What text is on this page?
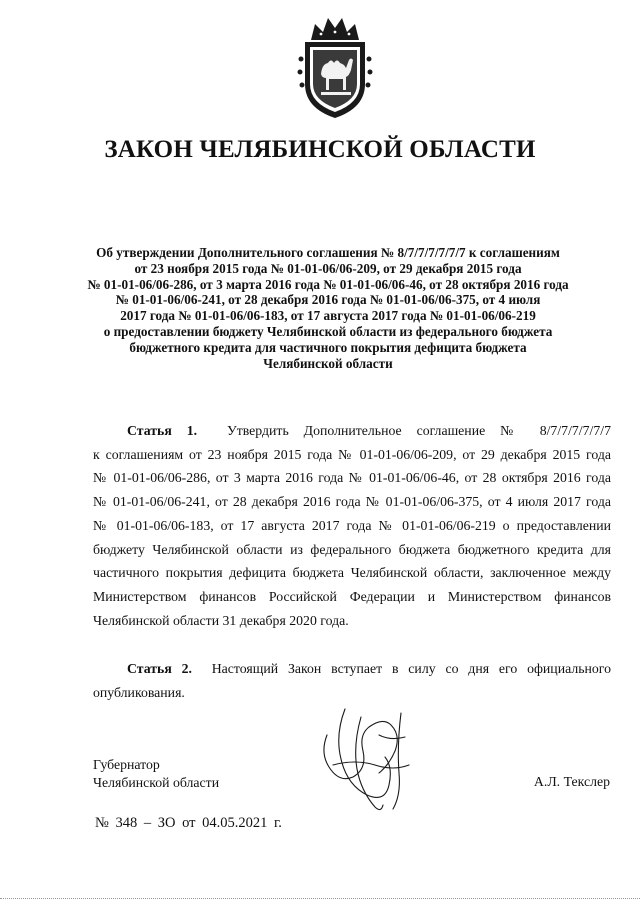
ЗАКОН ЧЕЛЯБИНСКОЙ ОБЛАСТИ
Об утверждении Дополнительного соглашения № 8/7/7/7/7/7/7 к соглашениям
от 23 ноября 2015 года № 01-01-06/06-209, от 29 декабря 2015 года
№ 01-01-06/06-286, от 3 марта 2016 года № 01-01-06/06-46, от 28 октября 2016 года
№ 01-01-06/06-241, от 28 декабря 2016 года № 01-01-06/06-375, от 4 июля
2017 года № 01-01-06/06-183, от 17 августа 2017 года № 01-01-06/06-219
о предоставлении бюджету Челябинской области из федерального бюджета
бюджетного кредита для частичного покрытия дефицита бюджета
Челябинской области
Статья 1. Утвердить Дополнительное соглашение № 8/7/7/7/7/7/7
к соглашениям от 23 ноября 2015 года № 01-01-06/06-209, от 29 декабря 2015 года
№ 01-01-06/06-286, от 3 марта 2016 года № 01-01-06/06-46, от 28 октября 2016 года
№ 01-01-06/06-241, от 28 декабря 2016 года № 01-01-06/06-375, от 4 июля 2017 года
№ 01-01-06/06-183, от 17 августа 2017 года № 01-01-06/06-219 о предоставлении
бюджету Челябинской области из федерального бюджета бюджетного кредита для
частичного покрытия дефицита бюджета Челябинской области, заключенное между
Министерством финансов Российской Федерации и Министерством финансов
Челябинской области 31 декабря 2020 года.
Статья 2. Настоящий Закон вступает в силу со дня его официального
опубликования.
Губернатор
Челябинской области	А.Л. Текслер
№ 348 – ЗО от 04.05.2021 г.
